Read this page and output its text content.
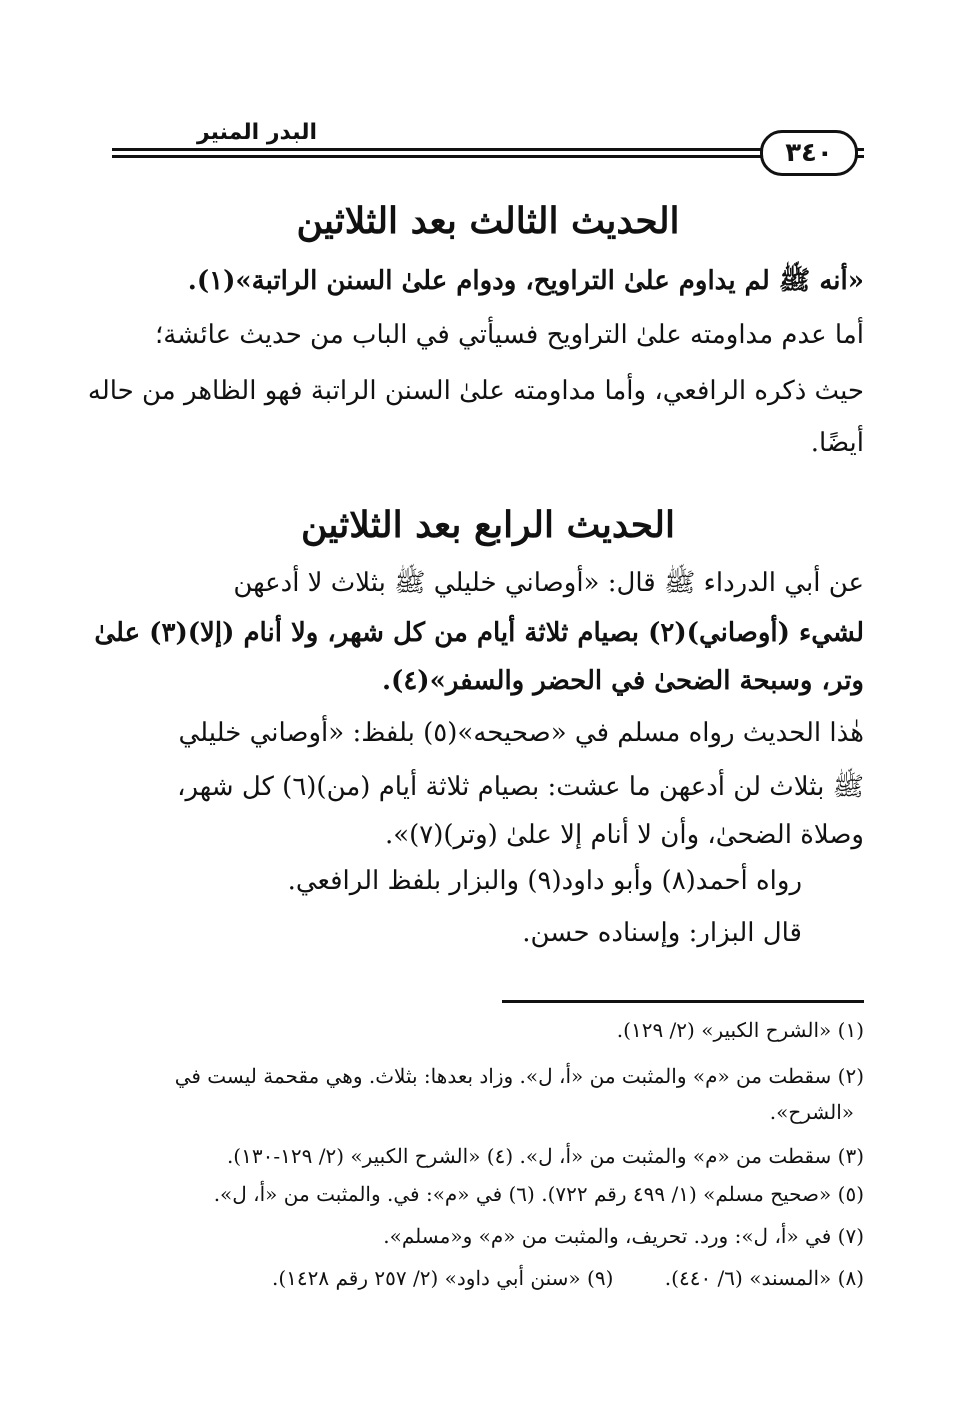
البدر المنير
٣٤٠
الحديث الثالث بعد الثلاثين
«أنه ﷺ لم يداوم علىٰ التراويح، ودوام علىٰ السنن الراتبة»(١).
أما عدم مداومته علىٰ التراويح فسيأتي في الباب من حديث عائشة؛
حيث ذكره الرافعي، وأما مداومته علىٰ السنن الراتبة فهو الظاهر من حاله
أيضًا.
الحديث الرابع بعد الثلاثين
عن أبي الدرداء ﷺ قال: «أوصاني خليلي ﷺ بثلاث لا أدعهن
لشيء (أوصاني)(٢) بصيام ثلاثة أيام من كل شهر، ولا أنام (إلا)(٣) علىٰ
وتر، وسبحة الضحىٰ في الحضر والسفر»(٤).
هٰذا الحديث رواه مسلم في «صحيحه»(٥) بلفظ: «أوصاني خليلي
ﷺ بثلاث لن أدعهن ما عشت: بصيام ثلاثة أيام (من)(٦) كل شهر،
وصلاة الضحىٰ، وأن لا أنام إلا علىٰ (وتر)(٧)».
رواه أحمد(٨) وأبو داود(٩) والبزار بلفظ الرافعي.
قال البزار: وإسناده حسن.
(١) «الشرح الكبير» (٢/ ١٢٩).
(٢) سقطت من «م» والمثبت من «أ، ل». وزاد بعدها: بثلاث. وهي مقحمة ليست في
«الشرح».
(٣) سقطت من «م» والمثبت من «أ، ل». (٤) «الشرح الكبير» (٢/ ١٢٩-١٣٠).
(٥) «صحيح مسلم» (١/ ٤٩٩ رقم ٧٢٢). (٦) في «م»: في. والمثبت من «أ، ل».
(٧) في «أ، ل»: ورد. تحريف، والمثبت من «م» و«مسلم».
(٨) «المسند» (٦/ ٤٤٠).
(٩) «سنن أبي داود» (٢/ ٢٥٧ رقم ١٤٢٨).
